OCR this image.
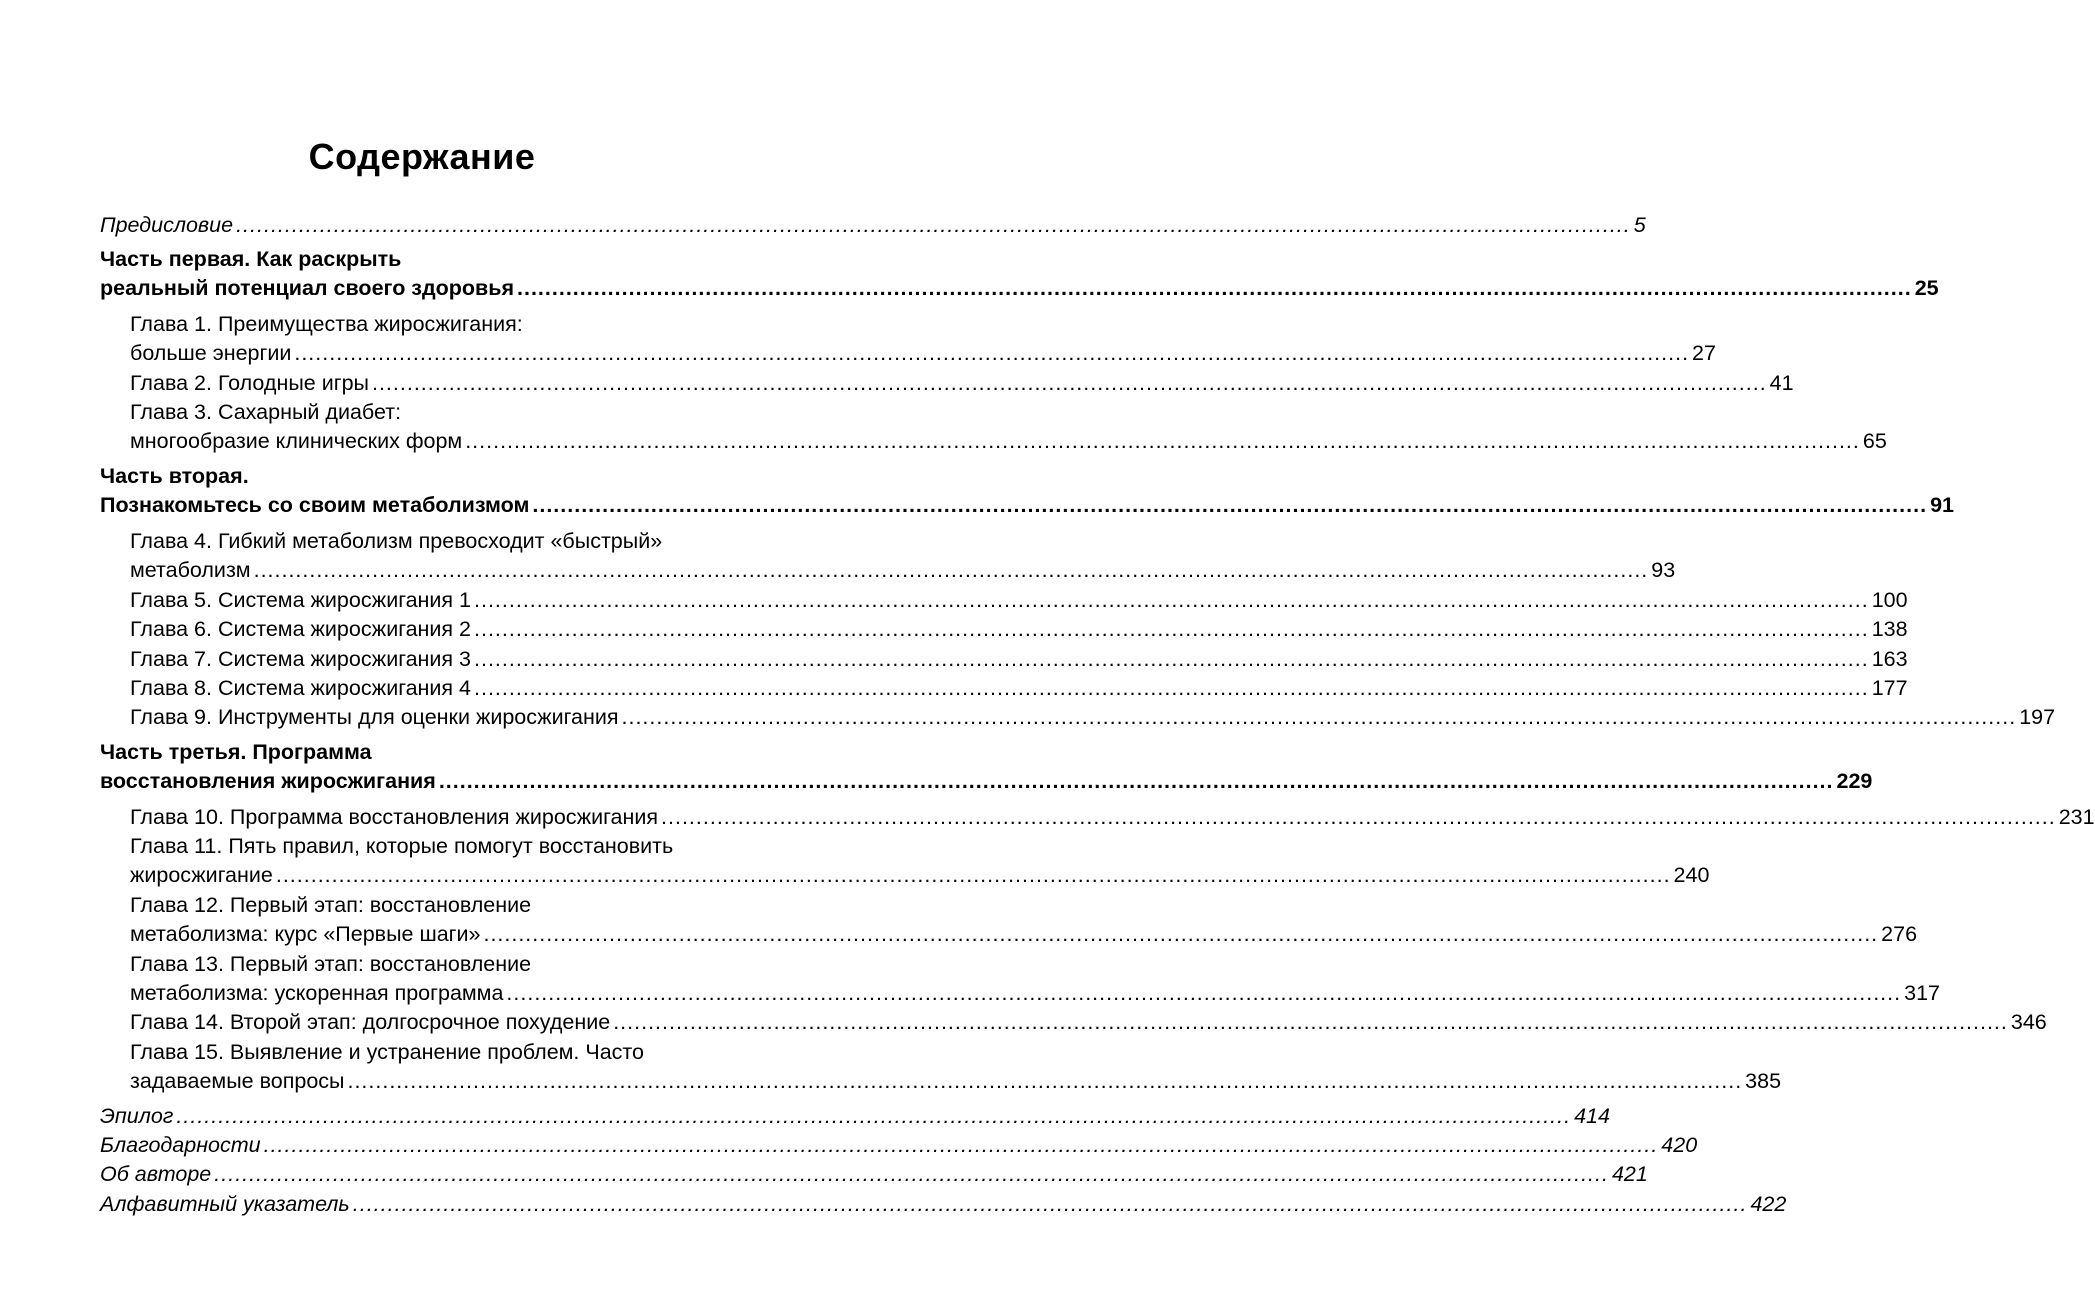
Содержание
Предисловие ........................................................................................................................................................................................................ 5
Часть первая. Как раскрыть
реальный потенциал своего здоровья ........................................................................................................................................................................................................ 25
Глава 1. Преимущества жиросжигания:
больше энергии ........................................................................................................................................................................................................ 27
Глава 2. Голодные игры ........................................................................................................................................................................................................ 41
Глава 3. Сахарный диабет:
многообразие клинических форм ........................................................................................................................................................................................................ 65
Часть вторая.
Познакомьтесь со своим метаболизмом ........................................................................................................................................................................................................ 91
Глава 4. Гибкий метаболизм превосходит «быстрый»
метаболизм ........................................................................................................................................................................................................ 93
Глава 5. Система жиросжигания 1 ........................................................................................................................................................................................................ 100
Глава 6. Система жиросжигания 2 ........................................................................................................................................................................................................ 138
Глава 7. Система жиросжигания 3 ........................................................................................................................................................................................................ 163
Глава 8. Система жиросжигания 4 ........................................................................................................................................................................................................ 177
Глава 9. Инструменты для оценки жиросжигания ........................................................................................................................................................................................................ 197
Часть третья. Программа
восстановления жиросжигания ........................................................................................................................................................................................................ 229
Глава 10. Программа восстановления жиросжигания ........................................................................................................................................................................................................ 231
Глава 11. Пять правил, которые помогут восстановить
жиросжигание ........................................................................................................................................................................................................ 240
Глава 12. Первый этап: восстановление
метаболизма: курс «Первые шаги» ........................................................................................................................................................................................................ 276
Глава 13. Первый этап: восстановление
метаболизма: ускоренная программа ........................................................................................................................................................................................................ 317
Глава 14. Второй этап: долгосрочное похудение ........................................................................................................................................................................................................ 346
Глава 15. Выявление и устранение проблем. Часто
задаваемые вопросы ........................................................................................................................................................................................................ 385
Эпилог ........................................................................................................................................................................................................ 414
Благодарности ........................................................................................................................................................................................................ 420
Об авторе ........................................................................................................................................................................................................ 421
Алфавитный указатель ........................................................................................................................................................................................................ 422
